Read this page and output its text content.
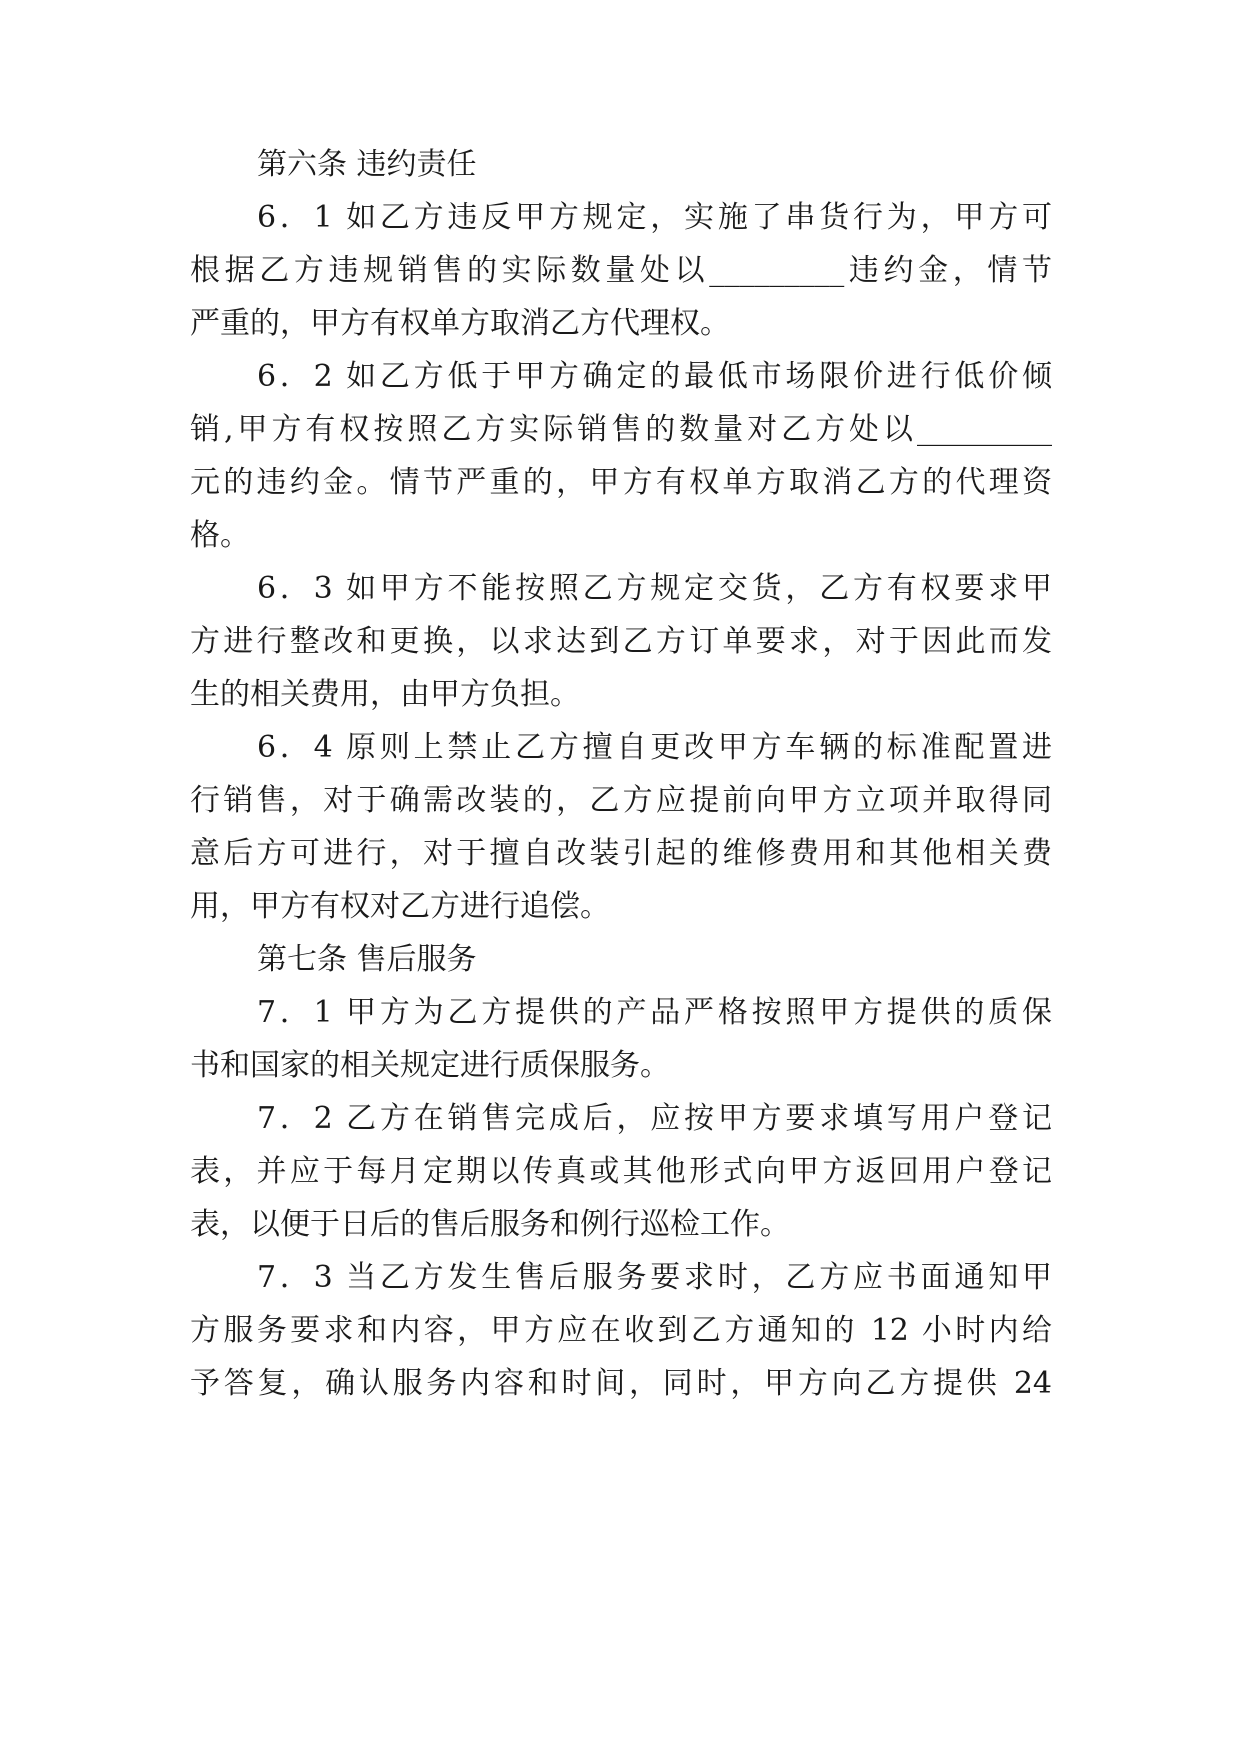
第六条 违约责任

6．1 如乙方违反甲方规定，实施了串货行为，甲方可

根据乙方违规销售的实际数量处以_________违约金，情节

严重的，甲方有权单方取消乙方代理权。

6．2 如乙方低于甲方确定的最低市场限价进行低价倾

销,甲方有权按照乙方实际销售的数量对乙方处以_________

元的违约金。情节严重的，甲方有权单方取消乙方的代理资

格。

6．3 如甲方不能按照乙方规定交货，乙方有权要求甲

方进行整改和更换，以求达到乙方订单要求，对于因此而发

生的相关费用，由甲方负担。

6．4 原则上禁止乙方擅自更改甲方车辆的标准配置进

行销售，对于确需改装的，乙方应提前向甲方立项并取得同

意后方可进行，对于擅自改装引起的维修费用和其他相关费

用，甲方有权对乙方进行追偿。

第七条 售后服务

7．1 甲方为乙方提供的产品严格按照甲方提供的质保

书和国家的相关规定进行质保服务。

7．2 乙方在销售完成后，应按甲方要求填写用户登记

表，并应于每月定期以传真或其他形式向甲方返回用户登记

表，以便于日后的售后服务和例行巡检工作。

7．3 当乙方发生售后服务要求时，乙方应书面通知甲

方服务要求和内容，甲方应在收到乙方通知的 12 小时内给

予答复，确认服务内容和时间，同时，甲方向乙方提供 24
